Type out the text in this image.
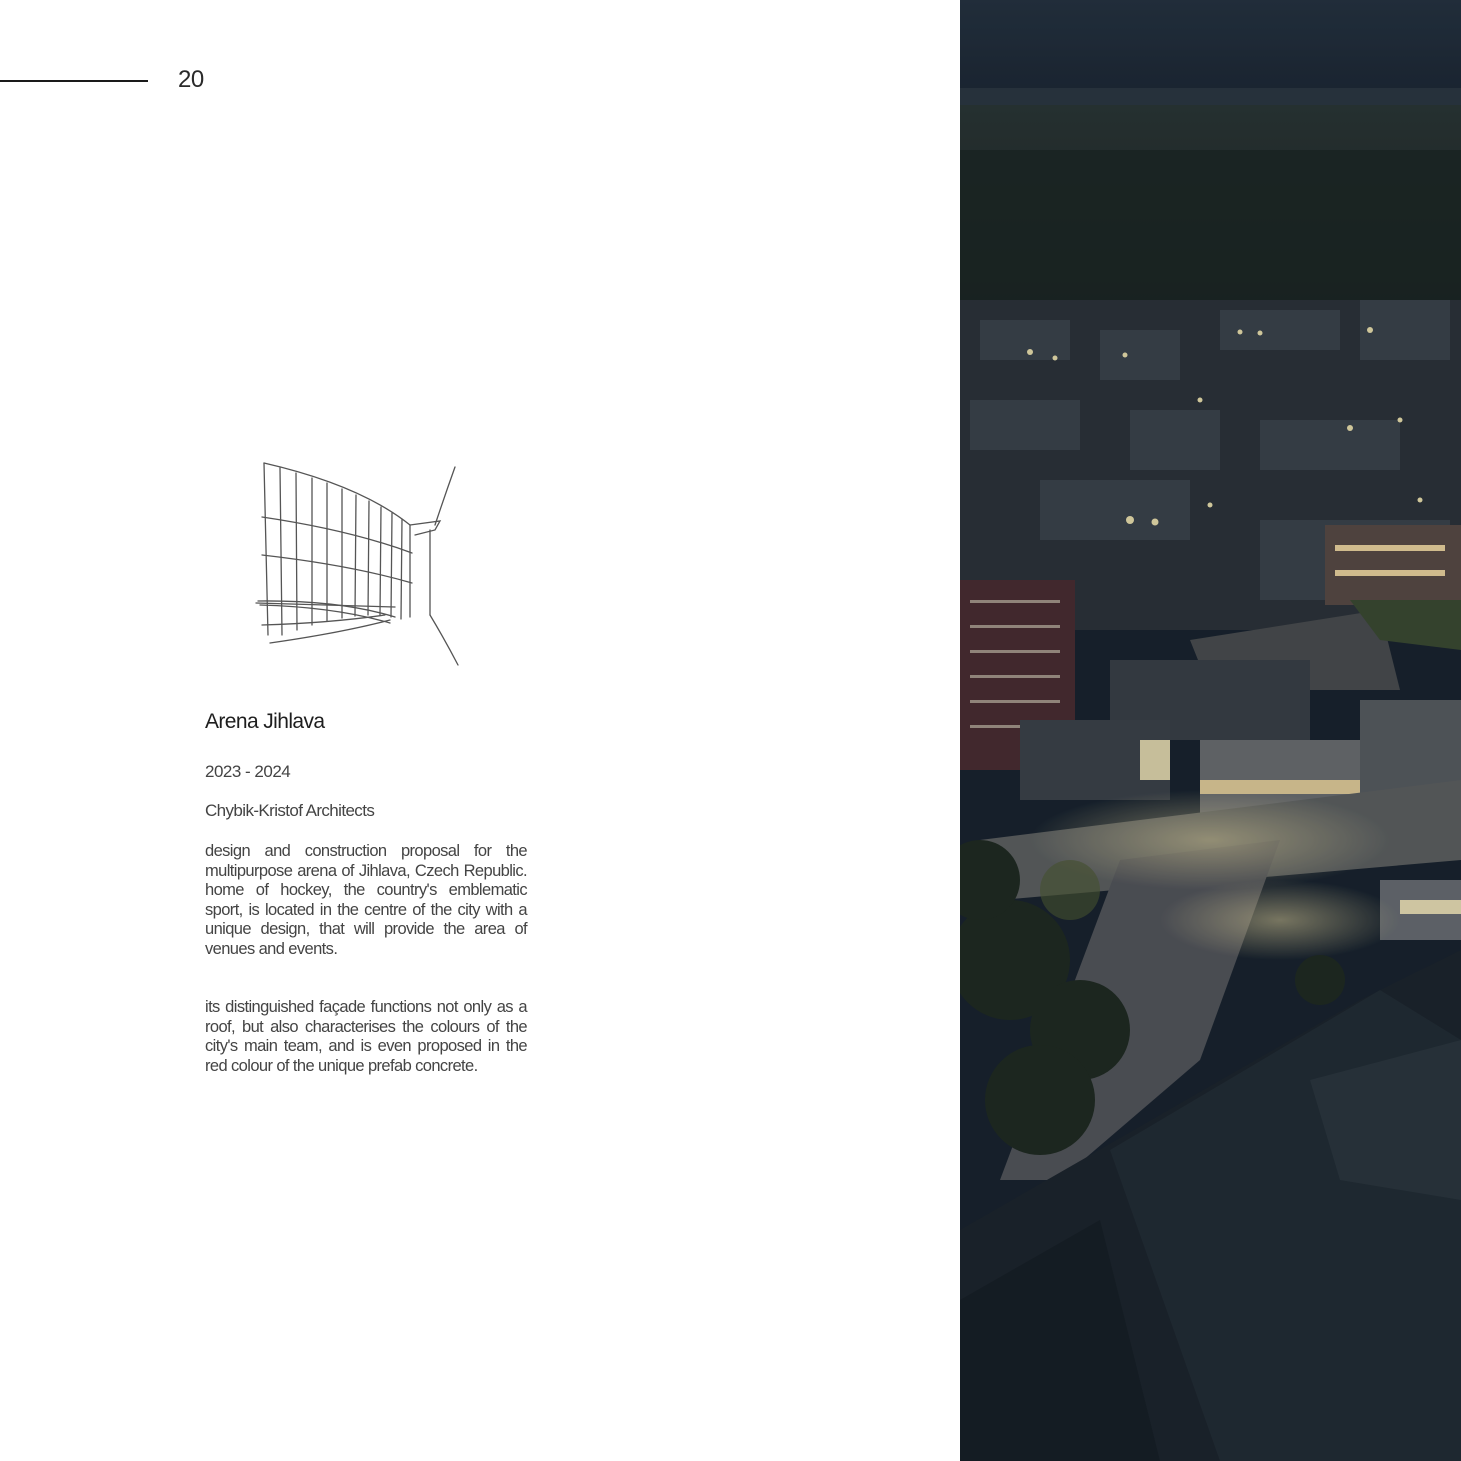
20
Arena Jihlava
2023 - 2024
Chybik-Kristof Architects

design and construction proposal for the multipurpose arena of Jihlava, Czech Republic. home of hockey, the country's emblematic sport, is located in the centre of the city with a unique design, that will provide the area of venues and events.

its distinguished façade functions not only as a roof, but also characterises the colours of the city's main team, and is even proposed in the red colour of the unique prefab concrete.
